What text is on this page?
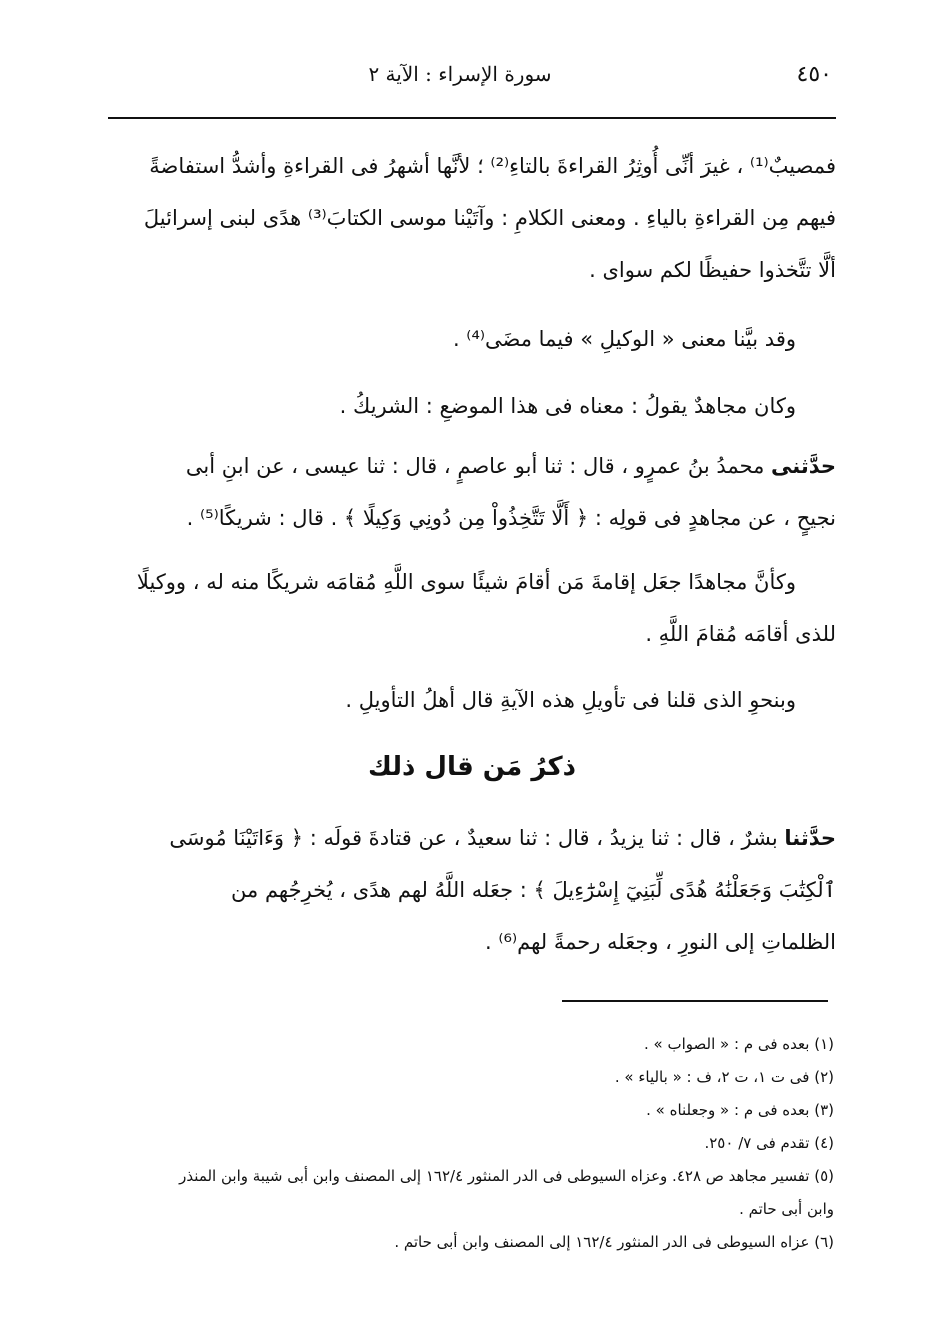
٤٥٠
سورة الإسراء : الآية ٢
فمصيبٌ⁽¹⁾ ، غيرَ أنِّى أُوثِرُ القراءةَ بالتاءِ⁽²⁾ ؛ لأنَّها أشهرُ فى القراءةِ وأشدُّ استفاضةً
فيهم مِن القراءةِ بالياءِ . ومعنى الكلامِ : وآتَيْنا موسى الكتابَ⁽³⁾ هدًى لبنى إسرائيلَ
ألَّا تتَّخذوا حفيظًا لكم سواى .
وقد بيَّنا معنى « الوكيلِ » فيما مضَى⁽⁴⁾ .
وكان مجاهدٌ يقولُ : معناه فى هذا الموضعِ : الشريكُ .
حدَّثنى محمدُ بنُ عمرٍو ، قال : ثنا أبو عاصمٍ ، قال : ثنا عيسى ، عن ابنِ أبى
نجيحٍ ، عن مجاهدٍ فى قولِه : ﴿ أَلَّا تَتَّخِذُواْ مِن دُونِي وَكِيلًا ﴾ . قال : شريكًا⁽⁵⁾ .
وكأنَّ مجاهدًا جعَل إقامةَ مَن أقامَ شيئًا سوى اللَّهِ مُقامَه شريكًا منه له ، ووكيلًا
للذى أقامَه مُقامَ اللَّهِ .
وبنحوِ الذى قلنا فى تأويلِ هذه الآيةِ قال أهلُ التأويلِ .
ذكرُ مَن قال ذلك
حدَّثنا بشرٌ ، قال : ثنا يزيدُ ، قال : ثنا سعيدٌ ، عن قتادةَ قولَه : ﴿ وَءَاتَيْنَا مُوسَى
ٱلْكِتَٰبَ وَجَعَلْنَٰهُ هُدًى لِّبَنِيٓ إِسْرَٰٓءِيلَ ﴾ : جعَله اللَّهُ لهم هدًى ، يُخرِجُهم من
الظلماتِ إلى النورِ ، وجعَله رحمةً لهم⁽⁶⁾ .
(١) بعده فى م : « الصواب » .
(٢) فى ت ١، ت ٢، ف : « بالياء » .
(٣) بعده فى م : « وجعلناه » .
(٤) تقدم فى ٧/ ٢٥٠.
(٥) تفسير مجاهد ص ٤٢٨. وعزاه السيوطى فى الدر المنثور ١٦٢/٤ إلى المصنف وابن أبى شيبة وابن المنذر
وابن أبى حاتم .
(٦) عزاه السيوطى فى الدر المنثور ١٦٢/٤ إلى المصنف وابن أبى حاتم .
